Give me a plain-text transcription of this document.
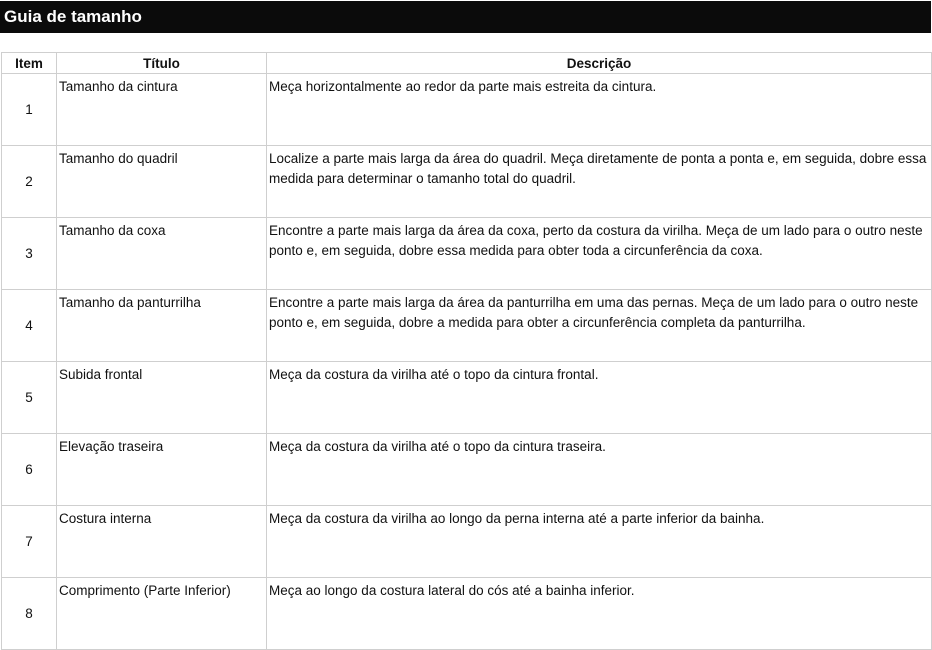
Guia de tamanho
Item	Título	Descrição
1	Tamanho da cintura	Meça horizontalmente ao redor da parte mais estreita da cintura.
2	Tamanho do quadril	Localize a parte mais larga da área do quadril. Meça diretamente de ponta a ponta e, em seguida, dobre essa medida para determinar o tamanho total do quadril.
3	Tamanho da coxa	Encontre a parte mais larga da área da coxa, perto da costura da virilha. Meça de um lado para o outro neste ponto e, em seguida, dobre essa medida para obter toda a circunferência da coxa.
4	Tamanho da panturrilha	Encontre a parte mais larga da área da panturrilha em uma das pernas. Meça de um lado para o outro neste ponto e, em seguida, dobre a medida para obter a circunferência completa da panturrilha.
5	Subida frontal	Meça da costura da virilha até o topo da cintura frontal.
6	Elevação traseira	Meça da costura da virilha até o topo da cintura traseira.
7	Costura interna	Meça da costura da virilha ao longo da perna interna até a parte inferior da bainha.
8	Comprimento (Parte Inferior)	Meça ao longo da costura lateral do cós até a bainha inferior.
